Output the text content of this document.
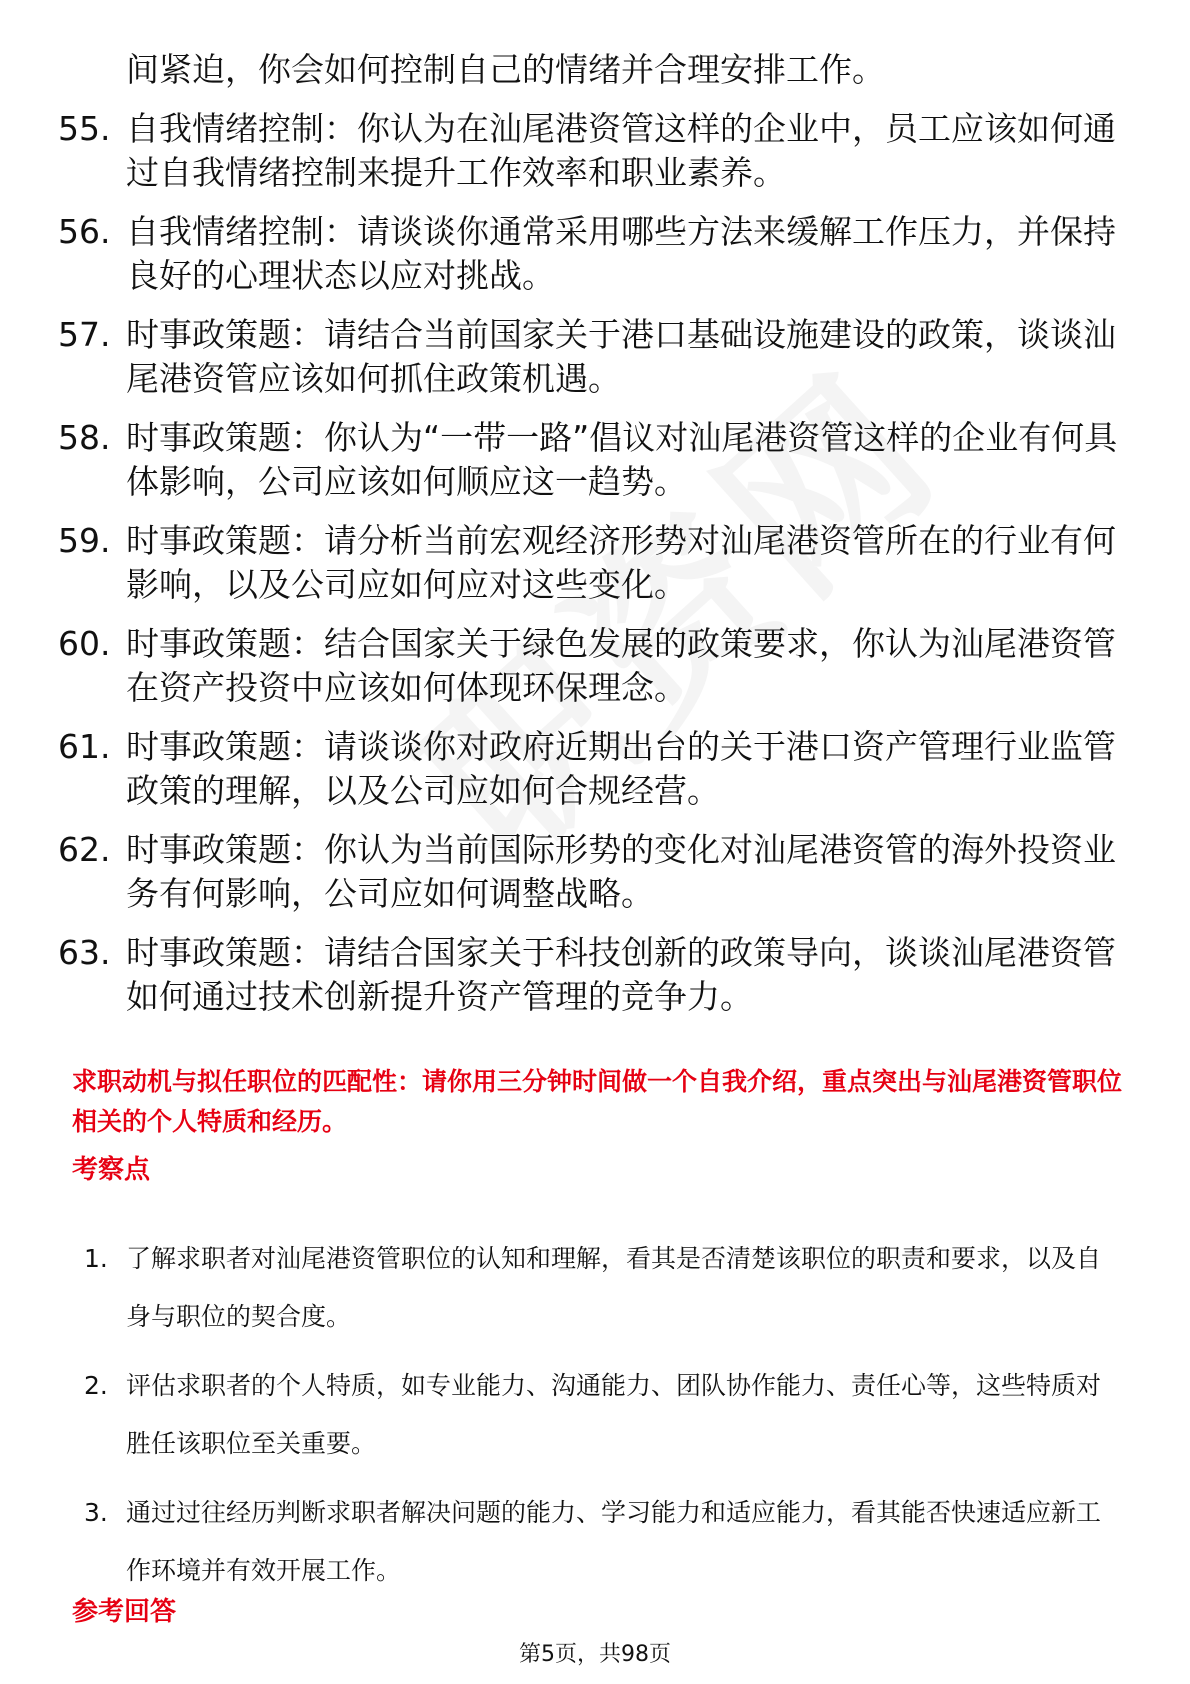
间紧迫，你会如何控制自己的情绪并合理安排工作。
55. 自我情绪控制：你认为在汕尾港资管这样的企业中，员工应该如何通过自我情绪控制来提升工作效率和职业素养。
56. 自我情绪控制：请谈谈你通常采用哪些方法来缓解工作压力，并保持良好的心理状态以应对挑战。
57. 时事政策题：请结合当前国家关于港口基础设施建设的政策，谈谈汕尾港资管应该如何抓住政策机遇。
58. 时事政策题：你认为“一带一路”倡议对汕尾港资管这样的企业有何具体影响，公司应该如何顺应这一趋势。
59. 时事政策题：请分析当前宏观经济形势对汕尾港资管所在的行业有何影响，以及公司应如何应对这些变化。
60. 时事政策题：结合国家关于绿色发展的政策要求，你认为汕尾港资管在资产投资中应该如何体现环保理念。
61. 时事政策题：请谈谈你对政府近期出台的关于港口资产管理行业监管政策的理解，以及公司应如何合规经营。
62. 时事政策题：你认为当前国际形势的变化对汕尾港资管的海外投资业务有何影响，公司应如何调整战略。
63. 时事政策题：请结合国家关于科技创新的政策导向，谈谈汕尾港资管如何通过技术创新提升资产管理的竞争力。
求职动机与拟任职位的匹配性：请你用三分钟时间做一个自我介绍，重点突出与汕尾港资管职位相关的个人特质和经历。
考察点
1. 了解求职者对汕尾港资管职位的认知和理解，看其是否清楚该职位的职责和要求，以及自身与职位的契合度。
2. 评估求职者的个人特质，如专业能力、沟通能力、团队协作能力、责任心等，这些特质对胜任该职位至关重要。
3. 通过过往经历判断求职者解决问题的能力、学习能力和适应能力，看其能否快速适应新工作环境并有效开展工作。
参考回答
第5页，共98页
